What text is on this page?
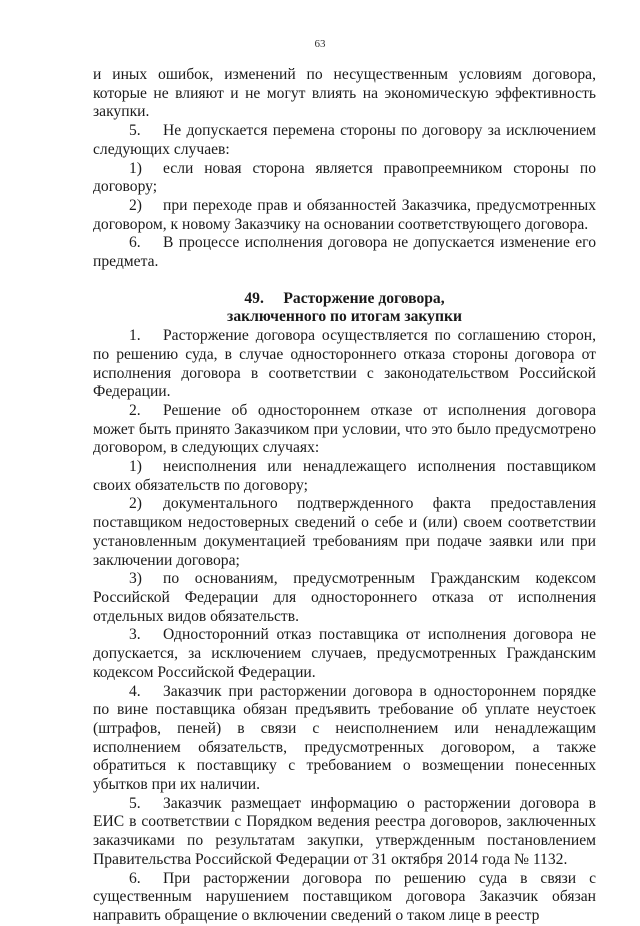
63

и иных ошибок, изменений по несущественным условиям договора, которые не влияют и не могут влиять на экономическую эффективность закупки.

5. Не допускается перемена стороны по договору за исключением следующих случаев:

1) если новая сторона является правопреемником стороны по договору;

2) при переходе прав и обязанностей Заказчика, предусмотренных договором, к новому Заказчику на основании соответствующего договора.

6. В процессе исполнения договора не допускается изменение его предмета.

49. Расторжение договора,

заключенного по итогам закупки

1. Расторжение договора осуществляется по соглашению сторон, по решению суда, в случае одностороннего отказа стороны договора от исполнения договора в соответствии с законодательством Российской Федерации.

2. Решение об одностороннем отказе от исполнения договора может быть принято Заказчиком при условии, что это было предусмотрено договором, в следующих случаях:

1) неисполнения или ненадлежащего исполнения поставщиком своих обязательств по договору;

2) документального подтвержденного факта предоставления поставщиком недостоверных сведений о себе и (или) своем соответствии установленным документацией требованиям при подаче заявки или при заключении договора;

3) по основаниям, предусмотренным Гражданским кодексом Российской Федерации для одностороннего отказа от исполнения отдельных видов обязательств.

3. Односторонний отказ поставщика от исполнения договора не допускается, за исключением случаев, предусмотренных Гражданским кодексом Российской Федерации.

4. Заказчик при расторжении договора в одностороннем порядке по вине поставщика обязан предъявить требование об уплате неустоек (штрафов, пеней) в связи с неисполнением или ненадлежащим исполнением обязательств, предусмотренных договором, а также обратиться к поставщику с требованием о возмещении понесенных убытков при их наличии.

5. Заказчик размещает информацию о расторжении договора в ЕИС в соответствии с Порядком ведения реестра договоров, заключенных заказчиками по результатам закупки, утвержденным постановлением Правительства Российской Федерации от 31 октября 2014 года № 1132.

6. При расторжении договора по решению суда в связи с существенным нарушением поставщиком договора Заказчик обязан направить обращение о включении сведений о таком лице в реестр
